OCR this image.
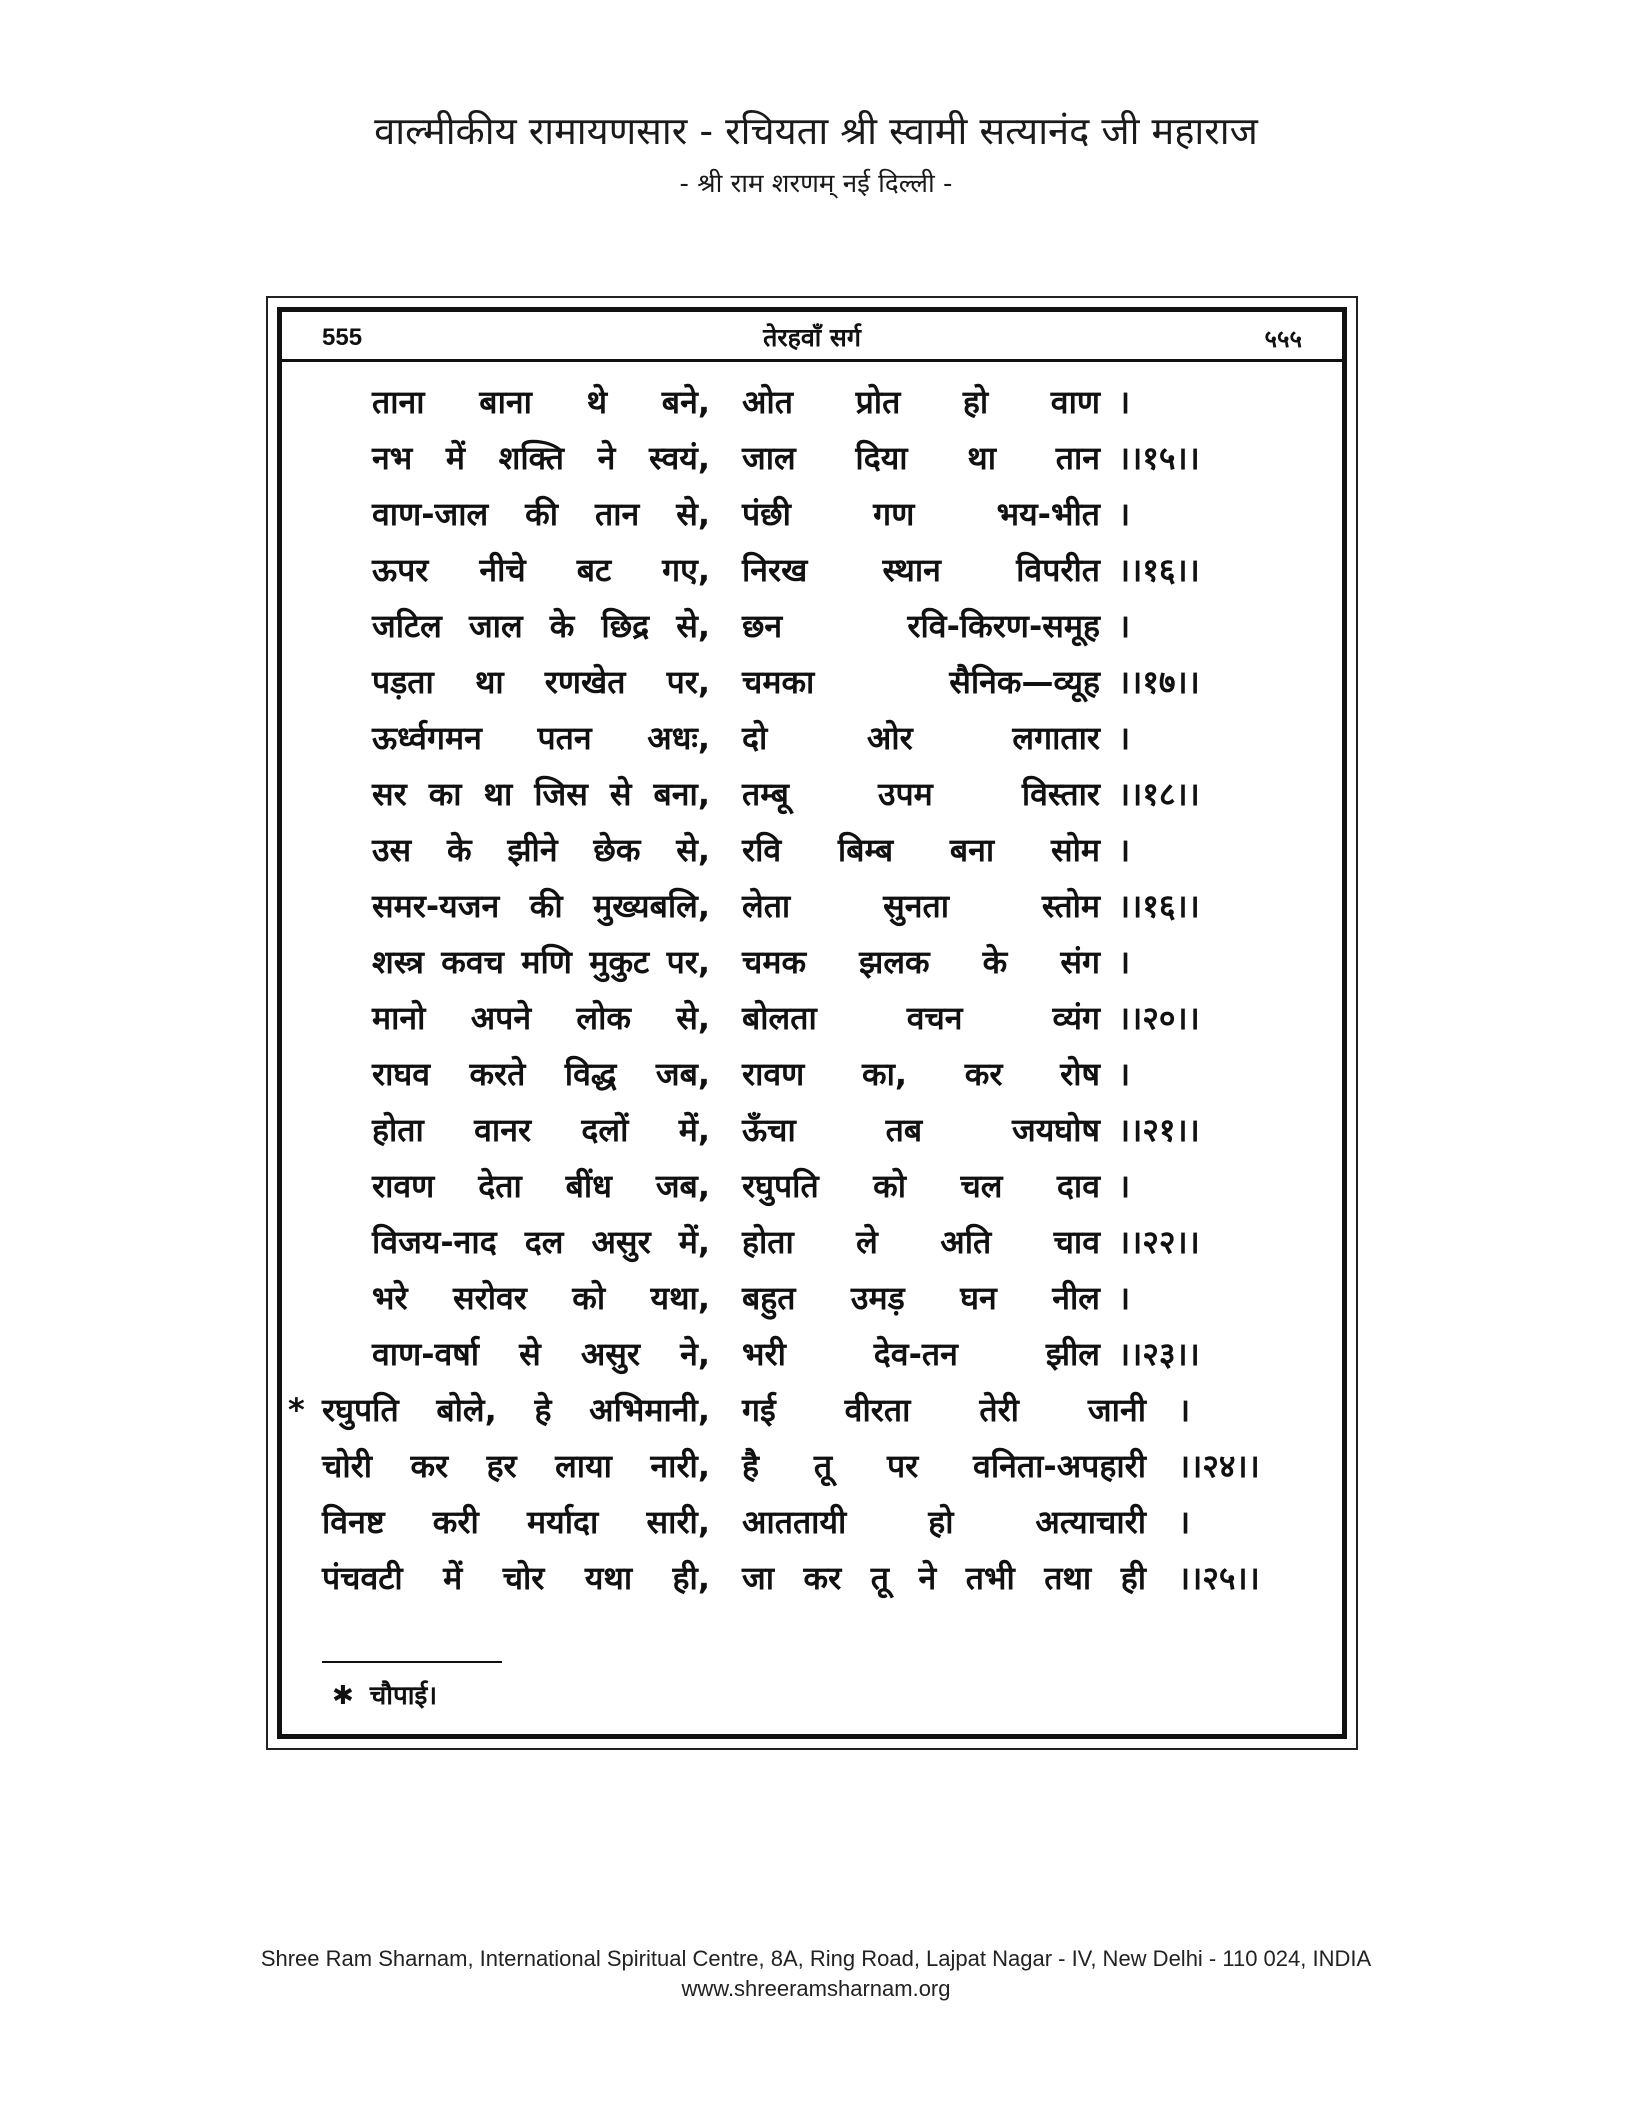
वाल्मीकीय रामायणसार - रचियता श्री स्वामी सत्यानंद जी महाराज
- श्री राम शरणम् नई दिल्ली -
555	तेरहवाँ सर्ग	५५५
ताना बाना थे बने, ओत प्रोत हो वाण ।
नभ में शक्ति ने स्वयं, जाल दिया था तान ।।१५।।
वाण-जाल की तान से, पंछी गण भय-भीत ।
ऊपर नीचे बट गए, निरख स्थान विपरीत ।।१६।।
जटिल जाल के छिद्र से, छन रवि-किरण-समूह ।
पड़ता था रणखेत पर, चमका सैनिक—व्यूह ।।१७।।
ऊर्ध्वगमन पतन अधः, दो ओर लगातार ।
सर का था जिस से बना, तम्बू उपम विस्तार ।।१८।।
उस के झीने छेक से, रवि बिम्ब बना सोम ।
समर-यजन की मुख्यबलि, लेता सुनता स्तोम ।।१६।।
शस्त्र कवच मणि मुकुट पर, चमक झलक के संग ।
मानो अपने लोक से, बोलता वचन व्यंग ।।२०।।
राघव करते विद्ध जब, रावण का, कर रोष ।
होता वानर दलों में, ऊँचा तब जयघोष ।।२१।।
रावण देता बींध जब, रघुपति को चल दाव ।
विजय-नाद दल असुर में, होता ले अति चाव ।।२२।।
भरे सरोवर को यथा, बहुत उमड़ घन नील ।
वाण-वर्षा से असुर ने, भरी देव-तन झील ।।२३।।
* रघुपति बोले, हे अभिमानी, गई वीरता तेरी जानी ।
चोरी कर हर लाया नारी, है तू पर वनिता-अपहारी ।।२४।।
विनष्ट करी मर्यादा सारी, आततायी हो अत्याचारी ।
पंचवटी में चोर यथा ही, जा कर तू ने तभी तथा ही ।।२५।।
✱ चौपाई।
Shree Ram Sharnam, International Spiritual Centre, 8A, Ring Road, Lajpat Nagar - IV, New Delhi - 110 024, INDIA
www.shreeramsharnam.org
